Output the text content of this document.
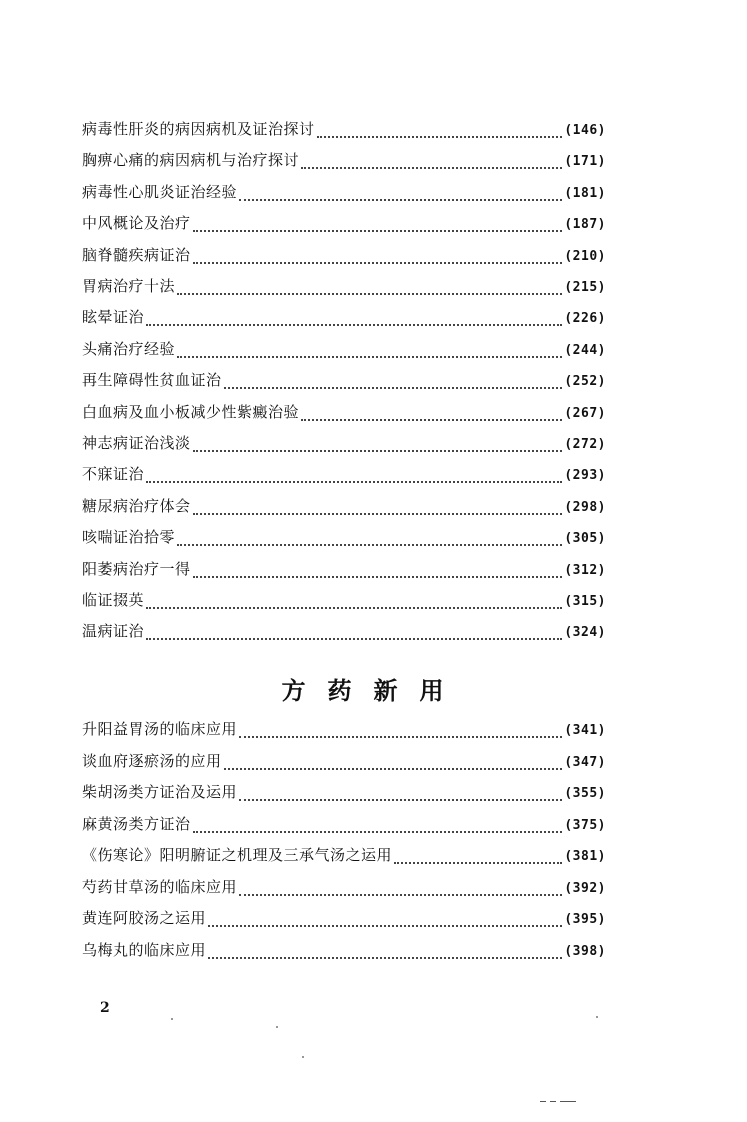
病毒性肝炎的病因病机及证治探讨	(146)
胸痹心痛的病因病机与治疗探讨	(171)
病毒性心肌炎证治经验	(181)
中风概论及治疗	(187)
脑脊髓疾病证治	(210)
胃病治疗十法	(215)
眩晕证治	(226)
头痛治疗经验	(244)
再生障碍性贫血证治	(252)
白血病及血小板减少性紫癜治验	(267)
神志病证治浅淡	(272)
不寐证治	(293)
糖尿病治疗体会	(298)
咳喘证治拾零	(305)
阳萎病治疗一得	(312)
临证掇英	(315)
温病证治	(324)
升阳益胃汤的临床应用	(341)
谈血府逐瘀汤的应用	(347)
柴胡汤类方证治及运用	(355)
麻黄汤类方证治	(375)
《伤寒论》阳明腑证之机理及三承气汤之运用	(381)
芍药甘草汤的临床应用	(392)
黄连阿胶汤之运用	(395)
乌梅丸的临床应用	(398)
方药新用
2
